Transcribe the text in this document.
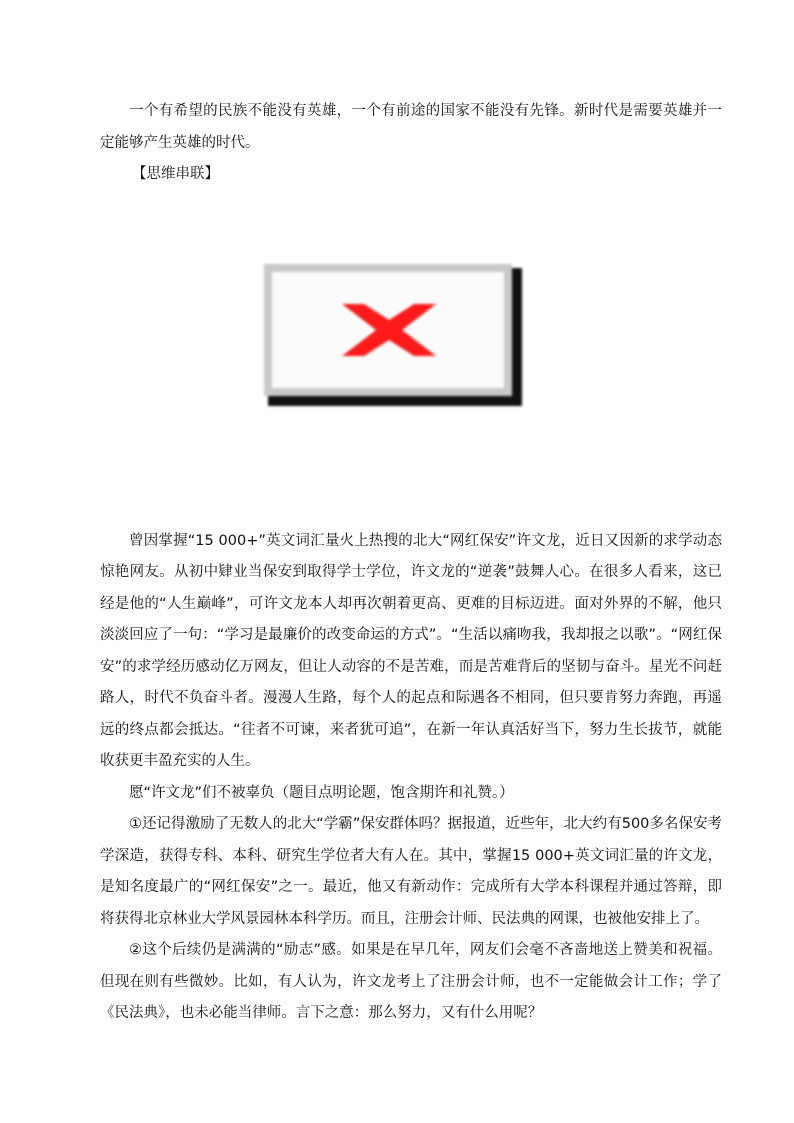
一个有希望的民族不能没有英雄，一个有前途的国家不能没有先锋。新时代是需要英雄并一定能够产生英雄的时代。

【思维串联】

曾因掌握“15 000+”英文词汇量火上热搜的北大“网红保安”许文龙，近日又因新的求学动态惊艳网友。从初中肄业当保安到取得学士学位，许文龙的“逆袭”鼓舞人心。在很多人看来，这已经是他的“人生巅峰”，可许文龙本人却再次朝着更高、更难的目标迈进。面对外界的不解，他只淡淡回应了一句：“学习是最廉价的改变命运的方式”。“生活以痛吻我，我却报之以歌”。“网红保安”的求学经历感动亿万网友，但让人动容的不是苦难，而是苦难背后的坚韧与奋斗。星光不问赶路人，时代不负奋斗者。漫漫人生路，每个人的起点和际遇各不相同，但只要肯努力奔跑，再遥远的终点都会抵达。“往者不可谏，来者犹可追”，在新一年认真活好当下，努力生长拔节，就能收获更丰盈充实的人生。

愿“许文龙”们不被辜负（题目点明论题，饱含期许和礼赞。）

①还记得激励了无数人的北大“学霸”保安群体吗？据报道，近些年，北大约有500多名保安考学深造，获得专科、本科、研究生学位者大有人在。其中，掌握15 000+英文词汇量的许文龙，是知名度最广的“网红保安”之一。最近，他又有新动作：完成所有大学本科课程并通过答辩，即将获得北京林业大学风景园林本科学历。而且，注册会计师、民法典的网课，也被他安排上了。

②这个后续仍是满满的“励志”感。如果是在早几年，网友们会毫不吝啬地送上赞美和祝福。但现在则有些微妙。比如，有人认为，许文龙考上了注册会计师，也不一定能做会计工作；学了《民法典》，也未必能当律师。言下之意：那么努力，又有什么用呢？
